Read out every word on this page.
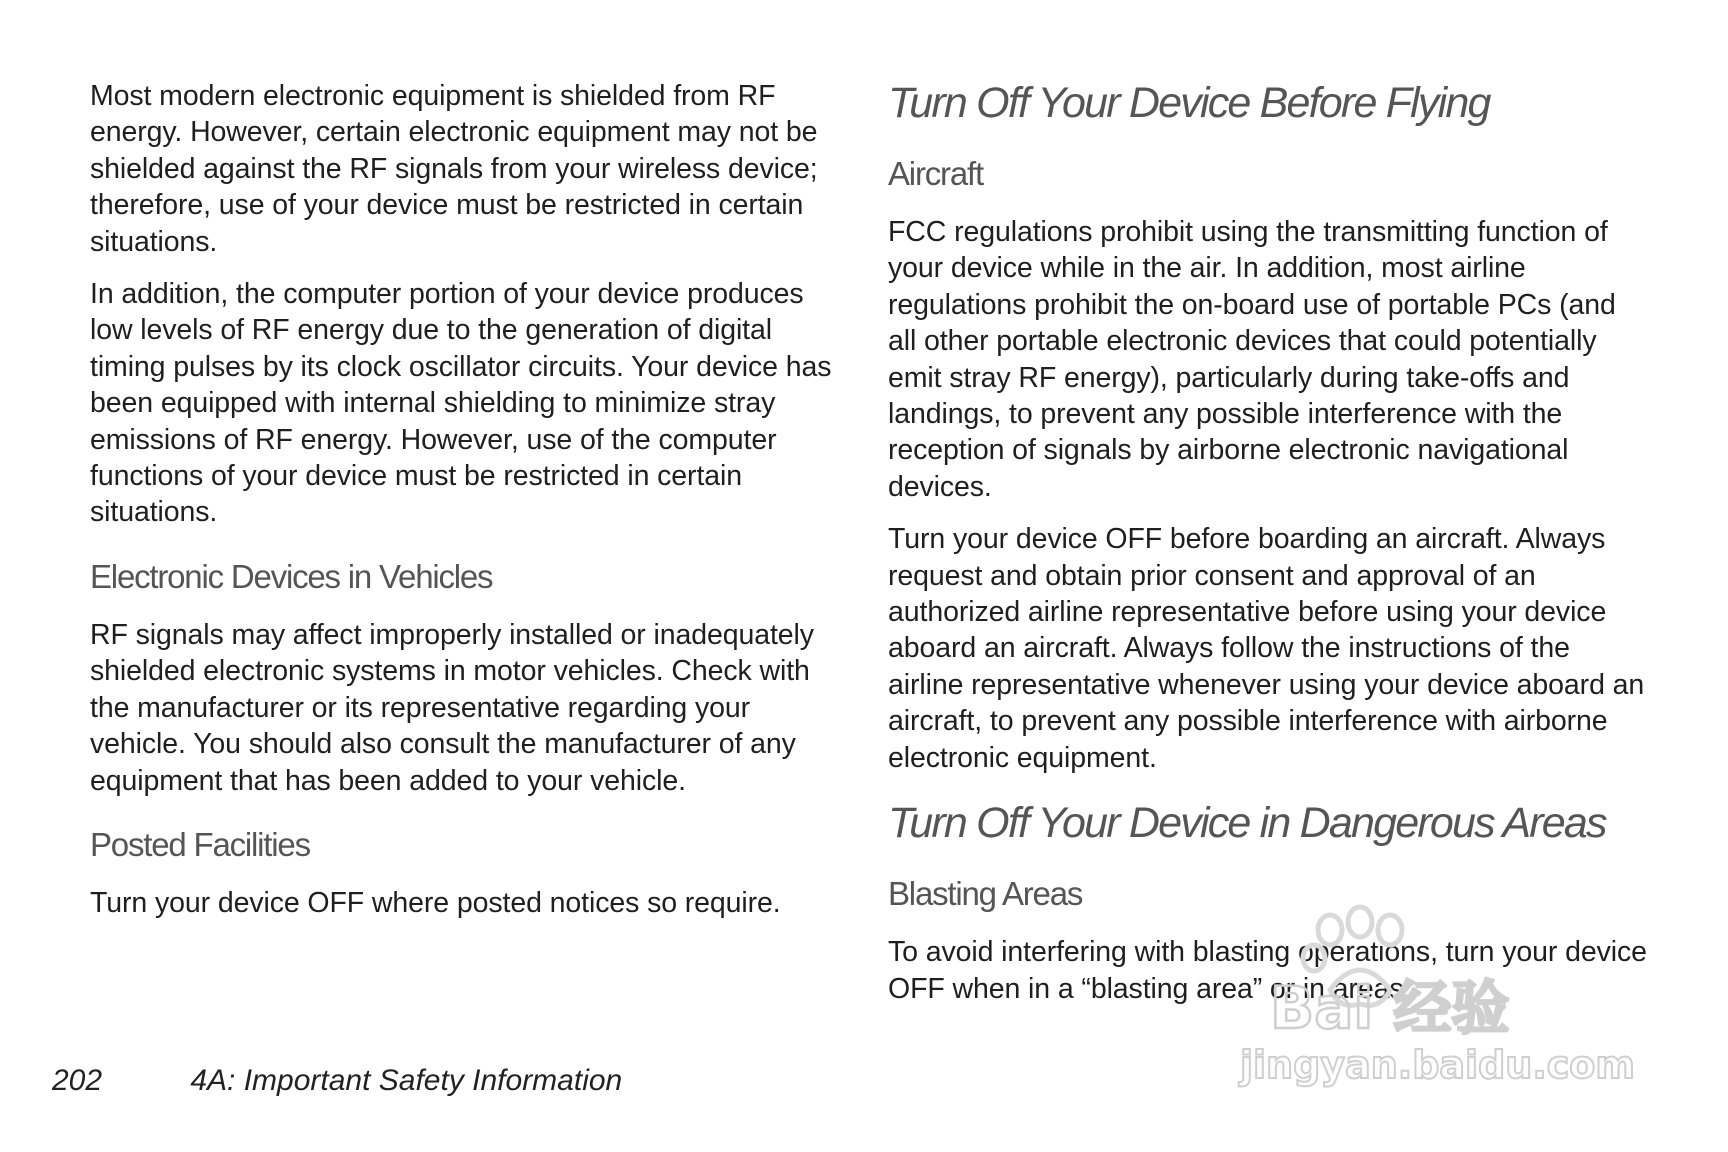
Most modern electronic equipment is shielded from RF energy. However, certain electronic equipment may not be shielded against the RF signals from your wireless device; therefore, use of your device must be restricted in certain situations.

In addition, the computer portion of your device produces low levels of RF energy due to the generation of digital timing pulses by its clock oscillator circuits. Your device has been equipped with internal shielding to minimize stray emissions of RF energy. However, use of the computer functions of your device must be restricted in certain situations.

Electronic Devices in Vehicles

RF signals may affect improperly installed or inadequately shielded electronic systems in motor vehicles. Check with the manufacturer or its representative regarding your vehicle. You should also consult the manufacturer of any equipment that has been added to your vehicle.

Posted Facilities

Turn your device OFF where posted notices so require.

Turn Off Your Device Before Flying
Aircraft

FCC regulations prohibit using the transmitting function of your device while in the air. In addition, most airline regulations prohibit the on-board use of portable PCs (and all other portable electronic devices that could potentially emit stray RF energy), particularly during take-offs and landings, to prevent any possible interference with the reception of signals by airborne electronic navigational devices.

Turn your device OFF before boarding an aircraft. Always request and obtain prior consent and approval of an authorized airline representative before using your device aboard an aircraft. Always follow the instructions of the airline representative whenever using your device aboard an aircraft, to prevent any possible interference with airborne electronic equipment.

Turn Off Your Device in Dangerous Areas
Blasting Areas

To avoid interfering with blasting operations, turn your device OFF when in a “blasting area” or in areas

202	4A: Important Safety Information
Bai 经验
jingyan.baidu.com
